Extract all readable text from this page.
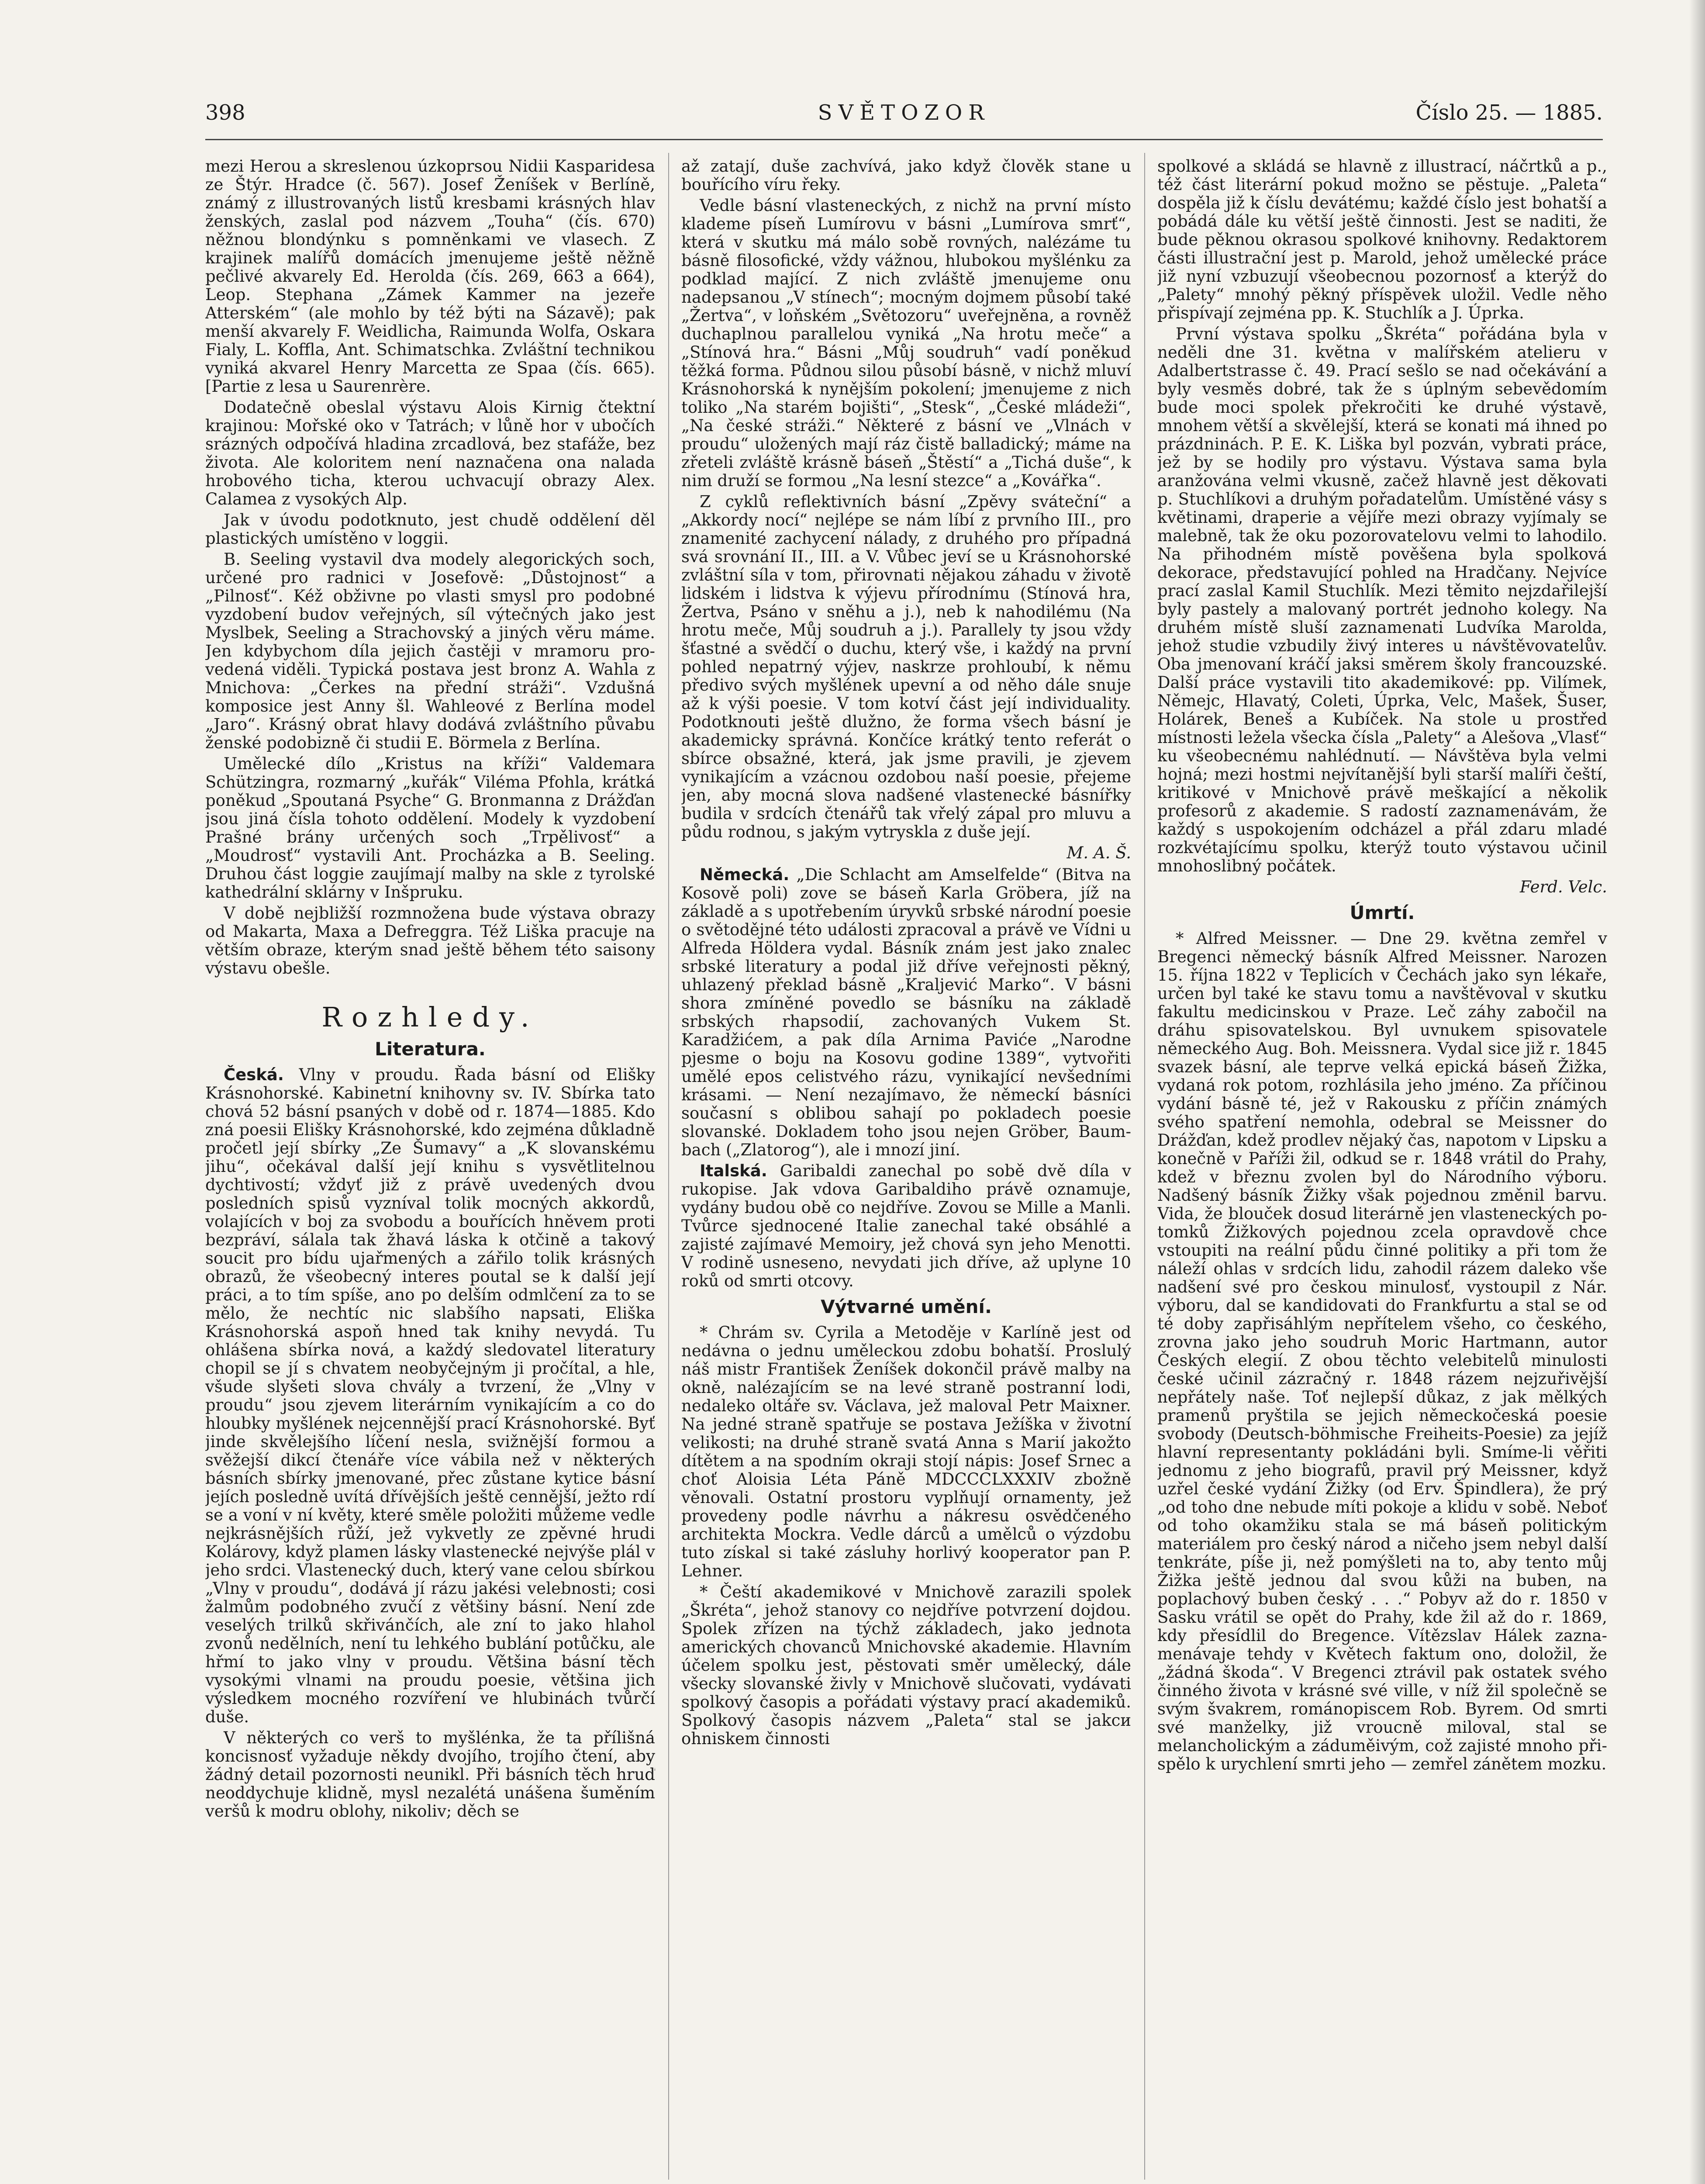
398	SVĚTOZOR	Číslo 25. — 1885.

mezi Herou a skreslenou úzkoprsou Nidii Kasparidesa ze Štýr. Hradce (č. 567). Josef Ženíšek v Berlíně, známý z illustrovaných listů kresbami krásných hlav ženských, zaslal pod názvem „Touha“ (čís. 670) něžnou blondýnku s pomněnkami ve vlasech. Z krajinek malířů domácích jmenujeme ještě něžně pečlivé akvarely Ed. Herolda (čís. 269, 663 a 664), Leop. Stephana „Zámek Kammer na jezeře Atterském“ (ale mohlo by též býti na Sázavě); pak menší akvarely F. Weidlicha, Raimunda Wolfa, Oskara Fialy, L. Koffla, Ant. Schimatschka. Zvláštní technikou vyniká akvarel Henry Marcetta ze Spaa (čís. 665). [Partie z lesa u Saurenrère.

Dodatečně obeslal výstavu Alois Kirnig čtektní krajinou: Mořské oko v Tatrách; v lůně hor v ubočích srázných odpočívá hladina zrcadlová, bez stafáže, bez života. Ale koloritem není naznačena ona nalada hrobového ticha, kterou uchvacují obrazy Alex. Calamea z vysokých Alp.

Jak v úvodu podotknuto, jest chudě oddělení děl plastických umístěno v loggii.

B. Seeling vystavil dva modely alegorických soch, určené pro radnici v Josefově: „Důstojnost“ a „Pilnosť“. Kéž obživne po vlasti smysl pro podobné vyzdobení budov veřejných, síl výtečných jako jest Myslbek, Seeling a Strachovský a jiných věru máme. Jen kdybychom díla jejich častěji v mramoru provedená viděli. Typická postava jest bronz A. Wahla z Mnichova: „Čerkes na přední stráži“. Vzdušná komposice jest Anny šl. Wahleové z Berlína model „Jaro“. Krásný obrat hlavy dodává zvláštního půvabu ženské podobizně či studii E. Börmela z Berlína.

Umělecké dílo „Kristus na kříži“ Valdemara Schützingra, rozmarný „kuřák“ Viléma Pfohla, krátká poněkud „Spoutaná Psyche“ G. Bronmanna z Drážďan jsou jiná čísla tohoto oddělení. Modely k vyzdobení Prašné brány určených soch „Trpělivosť“ a „Moudrosť“ vystavili Ant. Procházka a B. Seeling. Druhou část loggie zaujímají malby na skle z tyrolské kathedrální sklárny v Inšpruku.

V době nejbližší rozmnožena bude výstava obrazy od Makarta, Maxa a Defreggra. Též Liška pracuje na větším obraze, kterým snad ještě během této saisony výstavu obešle.

Rozhledy.
Literatura.

Česká. Vlny v proudu. Řada básní od Elišky Krásnohorské. Kabinetní knihovny sv. IV. Sbírka tato chová 52 básní psaných v době od r. 1874—1885. Kdo zná poesii Elišky Krásnohorské, kdo zejména důkladně pročetl její sbírky „Ze Šumavy“ a „K slovanskému jihu“, očekával další její knihu s vysvětlitelnou dychtivostí; vždyť již z právě uvedených dvou posledních spisů vyzníval tolik mocných akkordů, volajících v boj za svobodu a bouřících hněvem proti bezpráví, sálala tak žhavá láska k otčině a takový soucit pro bídu ujařmených a zářilo tolik krásných obrazů, že všeobecný interes poutal se k další její práci, a to tím spíše, ano po delším odmlčení za to se mělo, že nechtíc nic slabšího napsati, Eliška Krásnohorská aspoň hned tak knihy nevydá. Tu ohlášena sbírka nová, a každý sledovatel literatury chopil se jí s chvatem neobyčejným ji pročítal, a hle, všude slyšeti slova chvály a tvrzení, že „Vlny v proudu“ jsou zjevem literárním vynikajícím a co do hloubky myšlének nejcennější prací Krásnohorské. Byť jinde skvělejšího líčení nesla, svižnější formou a svěžejší dikcí čtenáře více vábila než v některých básních sbírky jmenované, přec zůstane kytice básní jejích posledně uvítá dřívějších ještě cennější, ježto rdí se a voní v ní květy, které směle položiti můžeme vedle nejkrásnějších růží, jež vykvetly ze zpěvné hrudi Kolárovy, když plamen lásky vlastenecké nejvýše plál v jeho srdci. Vlastenecký duch, který vane celou sbírkou „Vlny v proudu“, dodává jí rázu jakési velebnosti; cosi žalmům podobného zvučí z většiny básní. Není zde veselých trilků skřivánčích, ale zní to jako hlahol zvonů nedělních, není tu lehkého bublání potůčku, ale hřmí to jako vlny v proudu. Většina básní těch vysokými vlnami na proudu poesie, většina jich výsledkem mocného rozvíření ve hlubinách tvůrčí duše.

V některých co verš to myšlénka, že ta přílišná koncisnosť vyžaduje někdy dvojího, trojího čtení, aby žádný detail pozornosti neunikl. Při básních těch hruď neoddychuje klidně, mysl nezalétá unášena šuměním veršů k modru oblohy, nikoliv; děch se

až zatají, duše zachvívá, jako když člověk stane u bouřícího víru řeky.

Vedle básní vlasteneckých, z nichž na první místo klademe píseň Lumírovu v básni „Lumírova smrť“, která v skutku má málo sobě rovných, nalézáme tu básně filosofické, vždy vážnou, hlubokou myšlénku za podklad mající. Z nich zvláště jmenujeme onu nadepsanou „V stínech“; mocným dojmem působí také „Žertva“, v loňském „Světozoru“ uveřejněna, a rovněž duchaplnou parallelou vyniká „Na hrotu meče“ a „Stínová hra.“ Básni „Můj soudruh“ vadí poněkud těžká forma. Půdnou silou působí básně, v nichž mluví Krásnohorská k nynějším pokolení; jmenujeme z nich toliko „Na starém bojišti“, „Stesk“, „České mládeži“, „Na české stráži.“ Některé z básní ve „Vlnách v proudu“ uložených mají ráz čistě balladický; máme na zřeteli zvláště krásně báseň „Štěstí“ a „Tichá duše“, k nim druží se formou „Na lesní stezce“ a „Kovářka“.

Z cyklů reflektivních básní „Zpěvy sváteční“ a „Akkordy nocí“ nejlépe se nám líbí z prvního III., pro znamenité zachycení nálady, z druhého pro případná svá srovnání II., III. a V. Vůbec jeví se u Krásnohorské zvláštní síla v tom, přirovnati nějakou záhadu v životě lidském i lidstva k výjevu přírodnímu (Stínová hra, Žertva, Psáno v sněhu a j.), neb k nahodilému (Na hrotu meče, Můj soudruh a j.). Parallely ty jsou vždy šťastné a svědčí o duchu, který vše, i každý na první pohled nepatrný výjev, naskrze prohloubí, k němu předivo svých myšlének upevní a od něho dále snuje až k výši poesie. V tom kotví část její individuality. Podotknouti ještě dlužno, že forma všech básní je akademicky správná. Končíce krátký tento referát o sbírce obsažné, která, jak jsme pravili, je zjevem vynikajícím a vzácnou ozdobou naší poesie, přejeme jen, aby mocná slova nadšené vlastenecké básnířky budila v srdcích čtenářů tak vřelý zápal pro mluvu a půdu rodnou, s jakým vytryskla z duše její.

M. A. Š.

Německá. „Die Schlacht am Amselfelde“ (Bitva na Kosově poli) zove se báseň Karla Gröbera, jíž na základě a s upotřebením úryvků srbské národní poesie o světodějné této události zpracoval a právě ve Vídni u Alfreda Höldera vydal. Básník znám jest jako znalec srbské literatury a podal již dříve veřejnosti pěkný, uhlazený překlad básně „Kraljević Marko“. V básni shora zmíněné povedlo se básníku na základě srbských rhapsodií, zachovaných Vukem St. Karadžićem, a pak díla Arnima Paviće „Narodne pjesme o boju na Kosovu godine 1389“, vytvořiti umělé epos celistvého rázu, vynikající nevšedními krásami. — Není nezajímavo, že německí básníci současní s oblibou sahají po pokladech poesie slovanské. Dokladem toho jsou nejen Gröber, Baumbach („Zlatorog“), ale i mnozí jiní.

Italská. Garibaldi zanechal po sobě dvě díla v rukopise. Jak vdova Garibaldiho právě oznamuje, vydány budou obě co nejdříve. Zovou se Mille a Manli. Tvůrce sjednocené Italie zanechal také obsáhlé a zajisté zajímavé Memoiry, jež chová syn jeho Menotti. V rodině usneseno, nevydati jich dříve, až uplyne 10 roků od smrti otcovy.

Výtvarné umění.

* Chrám sv. Cyrila a Metoděje v Karlíně jest od nedávna o jednu uměleckou zdobu bohatší. Proslulý náš mistr František Ženíšek dokončil právě malby na okně, nalézajícím se na levé straně postranní lodi, nedaleko oltáře sv. Václava, jež maloval Petr Maixner. Na jedné straně spatřuje se postava Ježíška v životní velikosti; na druhé straně svatá Anna s Marií jakožto dítětem a na spodním okraji stojí nápis: Josef Srnec a choť Aloisia Léta Páně MDCCCLXXXIV zbožně věnovali. Ostatní prostoru vyplňují ornamenty, jež provedeny podle návrhu a nákresu osvědčeného architekta Mockra. Vedle dárců a umělců o výzdobu tuto získal si také zásluhy horlivý kooperator pan P. Lehner.

* Čeští akademikové v Mnichově zarazili spolek „Škréta“, jehož stanovy co nejdříve potvrzení dojdou. Spolek zřízen na týchž základech, jako jednota amerických chovanců Mnichovské akademie. Hlavním účelem spolku jest, pěstovati směr umělecký, dále všecky slovanské živly v Mnichově slučovati, vydávati spolkový časopis a pořádati výstavy prací akademiků. Spolkový časopis názvem „Paleta“ stal se jakси ohniskem činnosti

spolkové a skládá se hlavně z illustrací, náčrtků a p., též část literární pokud možno se pěstuje. „Paleta“ dospěla již k číslu devátému; každé číslo jest bohatší a pobádá dále ku větší ještě činnosti. Jest se naditi, že bude pěknou okrasou spolkové knihovny. Redaktorem části illustrační jest p. Marold, jehož umělecké práce již nyní vzbuzují všeobecnou pozornosť a kterýž do „Palety“ mnohý pěkný příspěvek uložil. Vedle něho přispívají zejména pp. K. Stuchlík a J. Úprka.

První výstava spolku „Škréta“ pořádána byla v neděli dne 31. května v malířském atelieru v Adalbertstrasse č. 49. Prací sešlo se nad očekávání a byly vesměs dobré, tak že s úplným sebevědomím bude moci spolek překročiti ke druhé výstavě, mnohem větší a skvělejší, která se konati má ihned po prázdninách. P. E. K. Liška byl pozván, vybrati práce, jež by se hodily pro výstavu. Výstava sama byla aranžována velmi vkusně, začež hlavně jest děkovati p. Stuchlíkovi a druhým pořadatelům. Umístěné vásy s květinami, draperie a vějíře mezi obrazy vyjímaly se malebně, tak že oku pozorovatelovu velmi to lahodilo. Na přihodném místě pověšena byla spolková dekorace, představující pohled na Hradčany. Nejvíce prací zaslal Kamil Stuchlík. Mezi těmito nejzdařilejší byly pastely a malovaný portrét jednoho kolegy. Na druhém místě sluší zaznamenati Ludvíka Marolda, jehož studie vzbudily živý interes u návštěvovatelův. Oba jmenovaní kráčí jaksi směrem školy francouzské. Další práce vystavili tito akademikové: pp. Vilímek, Němejc, Hlavatý, Coleti, Úprka, Velc, Mašek, Šuser, Holárek, Beneš a Kubíček. Na stole u prostřed místnosti ležela všecka čísla „Palety“ a Alešova „Vlasť“ ku všeobecnému nahlédnutí. — Návštěva byla velmi hojná; mezi hostmi nejvítanější byli starší malíři čeští, kritikové v Mnichově právě meškající a několik profesorů z akademie. S radostí zaznamenávám, že každý s uspokojením odcházel a přál zdaru mladé rozkvétajícímu spolku, kterýž touto výstavou učinil mnohoslibný počátek.

Ferd. Velc.
Úmrtí.

* Alfred Meissner. — Dne 29. května zemřel v Bregenci německý básník Alfred Meissner. Narozen 15. října 1822 v Teplicích v Čechách jako syn lékaře, určen byl také ke stavu tomu a navštěvoval v skutku fakultu medicinskou v Praze. Leč záhy zabočil na dráhu spisovatelskou. Byl uvnukem spisovatele německého Aug. Boh. Meissnera. Vydal sice již r. 1845 svazek básní, ale teprve velká epická báseň Žižka, vydaná rok potom, rozhlásila jeho jméno. Za příčinou vydání básně té, jež v Rakousku z příčin známých svého spatření nemohla, odebral se Meissner do Drážďan, kdež prodlev nějaký čas, napotom v Lipsku a konečně v Paříži žil, odkud se r. 1848 vrátil do Prahy, kdež v březnu zvolen byl do Národního výboru. Nadšený básník Žižky však pojednou změnil barvu. Vida, že blouček dosud literárně jen vlasteneckých potomků Žižkových pojednou zcela opravdově chce vstoupiti na reální půdu činné politiky a při tom že náleží ohlas v srdcích lidu, zahodil rázem daleko vše nadšení své pro českou minulosť, vystoupil z Nár. výboru, dal se kandidovati do Frankfurtu a stal se od té doby zapřisáhlým nepřítelem všeho, co českého, zrovna jako jeho soudruh Moric Hartmann, autor Českých elegií. Z obou těchto velebitelů minulosti české učinil zázračný r. 1848 rázem nejzuřivější nepřátely naše. Toť nejlepší důkaz, z jak mělkých pramenů pryštila se jejich německočeská poesie svobody (Deutsch-böhmische Freiheits-Poesie) za jejíž hlavní representanty pokládáni byli. Smíme-li věřiti jednomu z jeho biografů, pravil prý Meissner, když uzřel české vydání Žižky (od Erv. Špindlera), že prý „od toho dne nebude míti pokoje a klidu v sobě. Neboť od toho okamžiku stala se má báseň politickým materiálem pro český národ a ničeho jsem nebyl další tenkráte, píše ji, než pomýšleti na to, aby tento můj Žižka ještě jednou dal svou kůži na buben, na poplachový buben český . . .“ Pobyv až do r. 1850 v Sasku vrátil se opět do Prahy, kde žil až do r. 1869, kdy přesídlil do Bregence. Vítězslav Hálek zaznamenávaje tehdy v Květech faktum ono, doložil, že „žádná škoda“. V Bregenci ztrávil pak ostatek svého činného života v krásné své ville, v níž žil společně se svým švakrem, románopiscem Rob. Byrem. Od smrti své manželky, již vroucně miloval, stal se melancholickým a záduměivým, což zajisté mnoho přispělo k urychlení smrti jeho — zemřel zánětem mozku.
